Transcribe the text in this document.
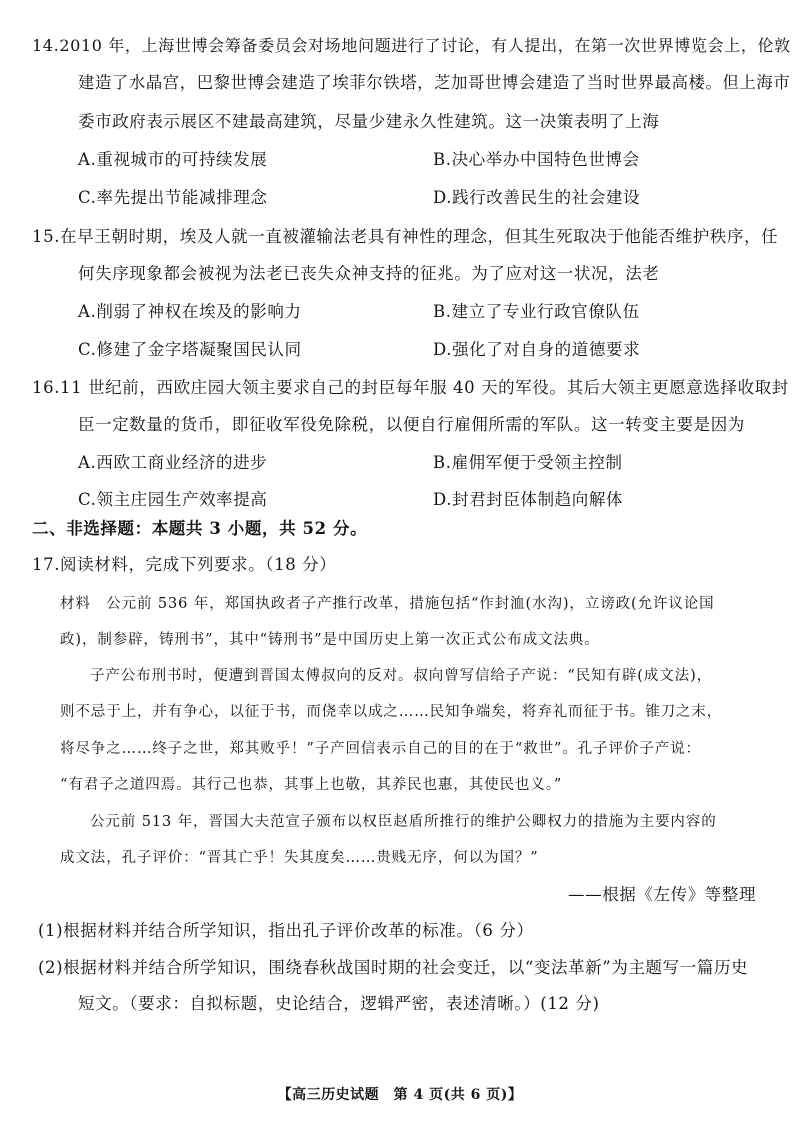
14.2010 年，上海世博会筹备委员会对场地问题进行了讨论，有人提出，在第一次世界博览会上，伦敦
建造了水晶宫，巴黎世博会建造了埃菲尔铁塔，芝加哥世博会建造了当时世界最高楼。但上海市
委市政府表示展区不建最高建筑，尽量少建永久性建筑。这一决策表明了上海
A.重视城市的可持续发展	B.决心举办中国特色世博会
C.率先提出节能减排理念	D.践行改善民生的社会建设
15.在早王朝时期，埃及人就一直被灌输法老具有神性的理念，但其生死取决于他能否维护秩序，任
何失序现象都会被视为法老已丧失众神支持的征兆。为了应对这一状况，法老
A.削弱了神权在埃及的影响力	B.建立了专业行政官僚队伍
C.修建了金字塔凝聚国民认同	D.强化了对自身的道德要求
16.11 世纪前，西欧庄园大领主要求自己的封臣每年服 40 天的军役。其后大领主更愿意选择收取封
臣一定数量的货币，即征收军役免除税，以便自行雇佣所需的军队。这一转变主要是因为
A.西欧工商业经济的进步	B.雇佣军便于受领主控制
C.领主庄园生产效率提高	D.封君封臣体制趋向解体
二、非选择题：本题共 3 小题，共 52 分。
17.阅读材料，完成下列要求。（18 分）
材料　公元前 536 年，郑国执政者子产推行改革，措施包括“作封洫(水沟)，立谤政(允许议论国
政)，制参辟，铸刑书”，其中“铸刑书”是中国历史上第一次正式公布成文法典。
子产公布刑书时，便遭到晋国太傅叔向的反对。叔向曾写信给子产说：“民知有辟(成文法)，
则不忌于上，并有争心，以征于书，而侥幸以成之……民知争端矣，将弃礼而征于书。锥刀之末，
将尽争之……终子之世，郑其败乎！”子产回信表示自己的目的在于“救世”。孔子评价子产说：
“有君子之道四焉。其行己也恭，其事上也敬，其养民也惠，其使民也义。”
公元前 513 年，晋国大夫范宣子颁布以权臣赵盾所推行的维护公卿权力的措施为主要内容的
成文法，孔子评价：“晋其亡乎！失其度矣……贵贱无序，何以为国？”
——根据《左传》等整理
(1)根据材料并结合所学知识，指出孔子评价改革的标准。（6 分）
(2)根据材料并结合所学知识，围绕春秋战国时期的社会变迁，以“变法革新”为主题写一篇历史
短文。（要求：自拟标题，史论结合，逻辑严密，表述清晰。）(12 分)
【高三历史试题　第 4 页(共 6 页)】
